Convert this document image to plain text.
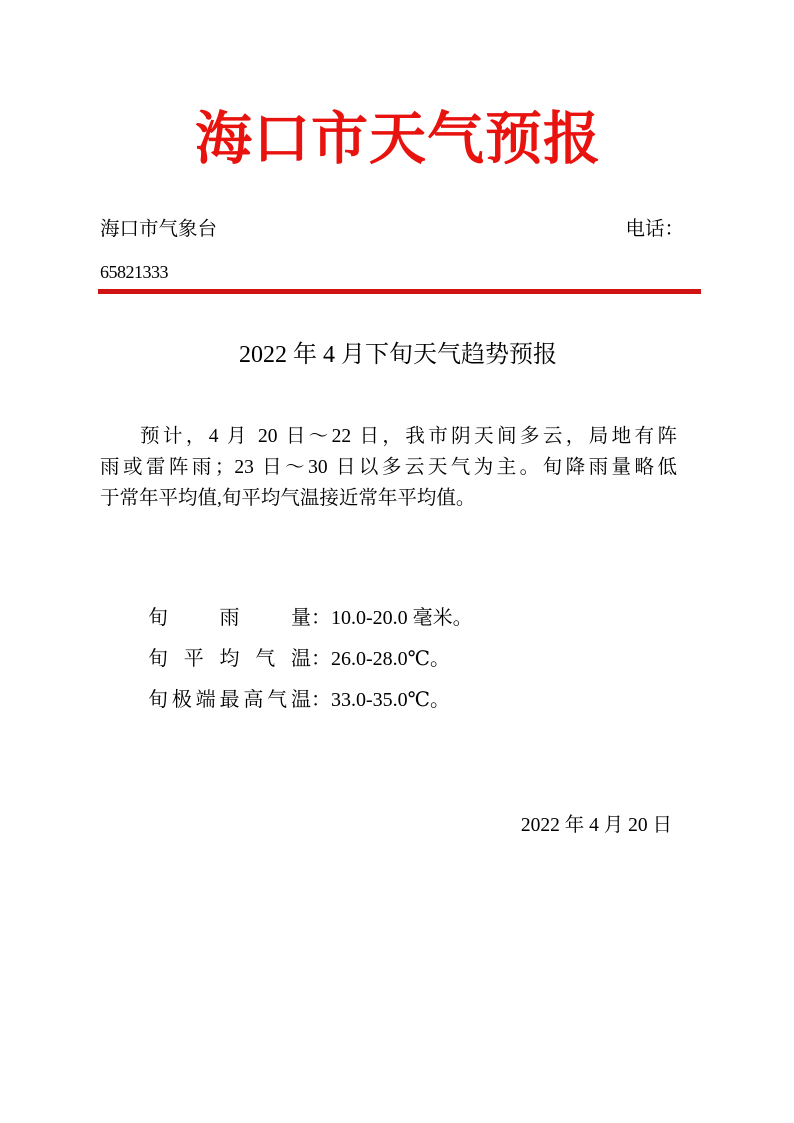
海口市天气预报
海口市气象台	电话：
65821333
2022 年 4 月下旬天气趋势预报
预计，4 月 20 日～22 日，我市阴天间多云，局地有阵
雨或雷阵雨；23 日～30 日以多云天气为主。旬降雨量略低
于常年平均值,旬平均气温接近常年平均值。
旬	雨	量 ： 10.0-20.0 毫米。
旬 平 均 气 温 ： 26.0-28.0℃。
旬 极 端 最 高 气 温 ： 33.0-35.0℃。
2022 年 4 月 20 日
